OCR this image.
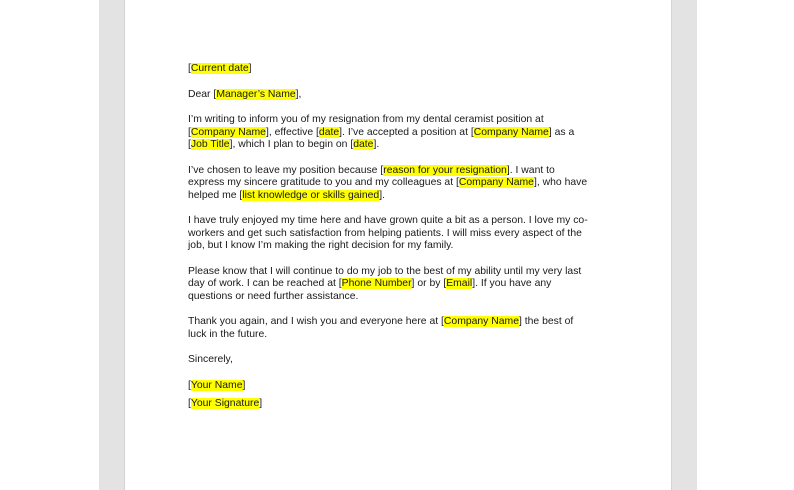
[Current date]
Dear [Manager’s Name],
I’m writing to inform you of my resignation from my dental ceramist position at
[Company Name], effective [date]. I’ve accepted a position at [Company Name] as a
[Job Title], which I plan to begin on [date].
I’ve chosen to leave my position because [reason for your resignation]. I want to
express my sincere gratitude to you and my colleagues at [Company Name], who have
helped me [list knowledge or skills gained].
I have truly enjoyed my time here and have grown quite a bit as a person. I love my co-
workers and get such satisfaction from helping patients. I will miss every aspect of the
job, but I know I’m making the right decision for my family.
Please know that I will continue to do my job to the best of my ability until my very last
day of work. I can be reached at [Phone Number] or by [Email]. If you have any
questions or need further assistance.
Thank you again, and I wish you and everyone here at [Company Name] the best of
luck in the future.
Sincerely,
[Your Name]
[Your Signature]
